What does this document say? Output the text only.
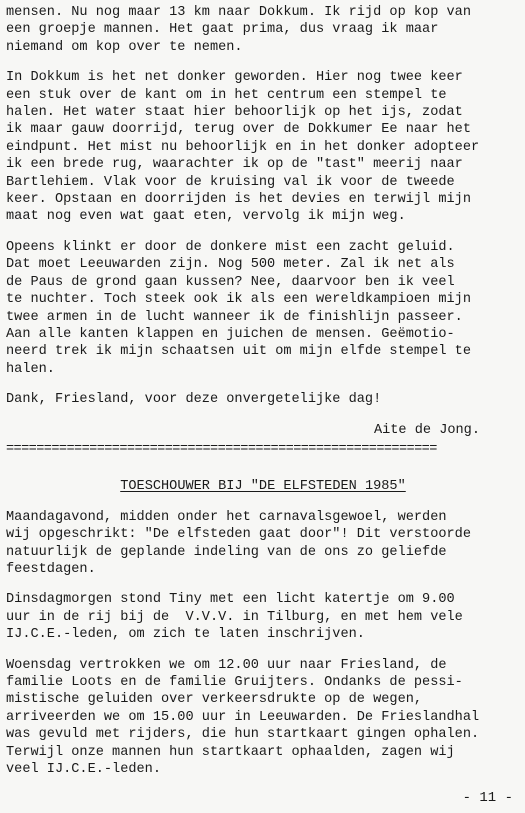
mensen. Nu nog maar 13 km naar Dokkum. Ik rijd op kop van
een groepje mannen. Het gaat prima, dus vraag ik maar
niemand om kop over te nemen.

In Dokkum is het net donker geworden. Hier nog twee keer
een stuk over de kant om in het centrum een stempel te
halen. Het water staat hier behoorlijk op het ijs, zodat
ik maar gauw doorrijd, terug over de Dokkumer Ee naar het
eindpunt. Het mist nu behoorlijk en in het donker adopteer
ik een brede rug, waarachter ik op de "tast" meerij naar
Bartlehiem. Vlak voor de kruising val ik voor de tweede
keer. Opstaan en doorrijden is het devies en terwijl mijn
maat nog even wat gaat eten, vervolg ik mijn weg.

Opeens klinkt er door de donkere mist een zacht geluid.
Dat moet Leeuwarden zijn. Nog 500 meter. Zal ik net als
de Paus de grond gaan kussen? Nee, daarvoor ben ik veel
te nuchter. Toch steek ook ik als een wereldkampioen mijn
twee armen in de lucht wanneer ik de finishlijn passeer.
Aan alle kanten klappen en juichen de mensen. Geëmotio-
neerd trek ik mijn schaatsen uit om mijn elfde stempel te
halen.

Dank, Friesland, voor deze onvergetelijke dag!

Aite de Jong.

=========================================================
TOESCHOUWER BIJ "DE ELFSTEDEN 1985"

Maandagavond, midden onder het carnavalsgewoel, werden
wij opgeschrikt: "De elfsteden gaat door"! Dit verstoorde
natuurlijk de geplande indeling van de ons zo geliefde
feestdagen.

Dinsdagmorgen stond Tiny met een licht katertje om 9.00
uur in de rij bij de  V.V.V. in Tilburg, en met hem vele
IJ.C.E.-leden, om zich te laten inschrijven.

Woensdag vertrokken we om 12.00 uur naar Friesland, de
familie Loots en de familie Gruijters. Ondanks de pessi-
mistische geluiden over verkeersdrukte op de wegen,
arriveerden we om 15.00 uur in Leeuwarden. De Frieslandhal
was gevuld met rijders, die hun startkaart gingen ophalen.
Terwijl onze mannen hun startkaart ophaalden, zagen wij
veel IJ.C.E.-leden.

- 11 -
